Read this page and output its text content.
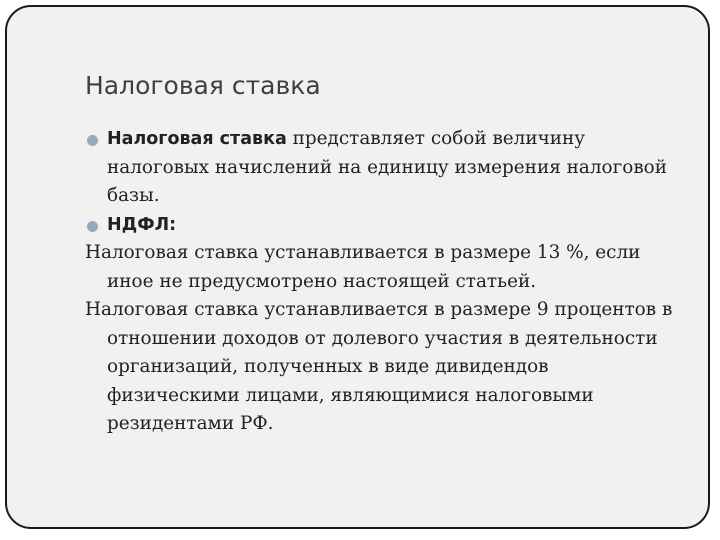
Налоговая ставка
Налоговая ставка представляет собой величину налоговых начислений на единицу измерения налоговой базы.
НДФЛ:
Налоговая ставка устанавливается в размере 13 %, если иное не предусмотрено настоящей статьей.
Налоговая ставка устанавливается в размере 9 процентов в отношении доходов от долевого участия в деятельности организаций, полученных в виде дивидендов физическими лицами, являющимися налоговыми резидентами РФ.
